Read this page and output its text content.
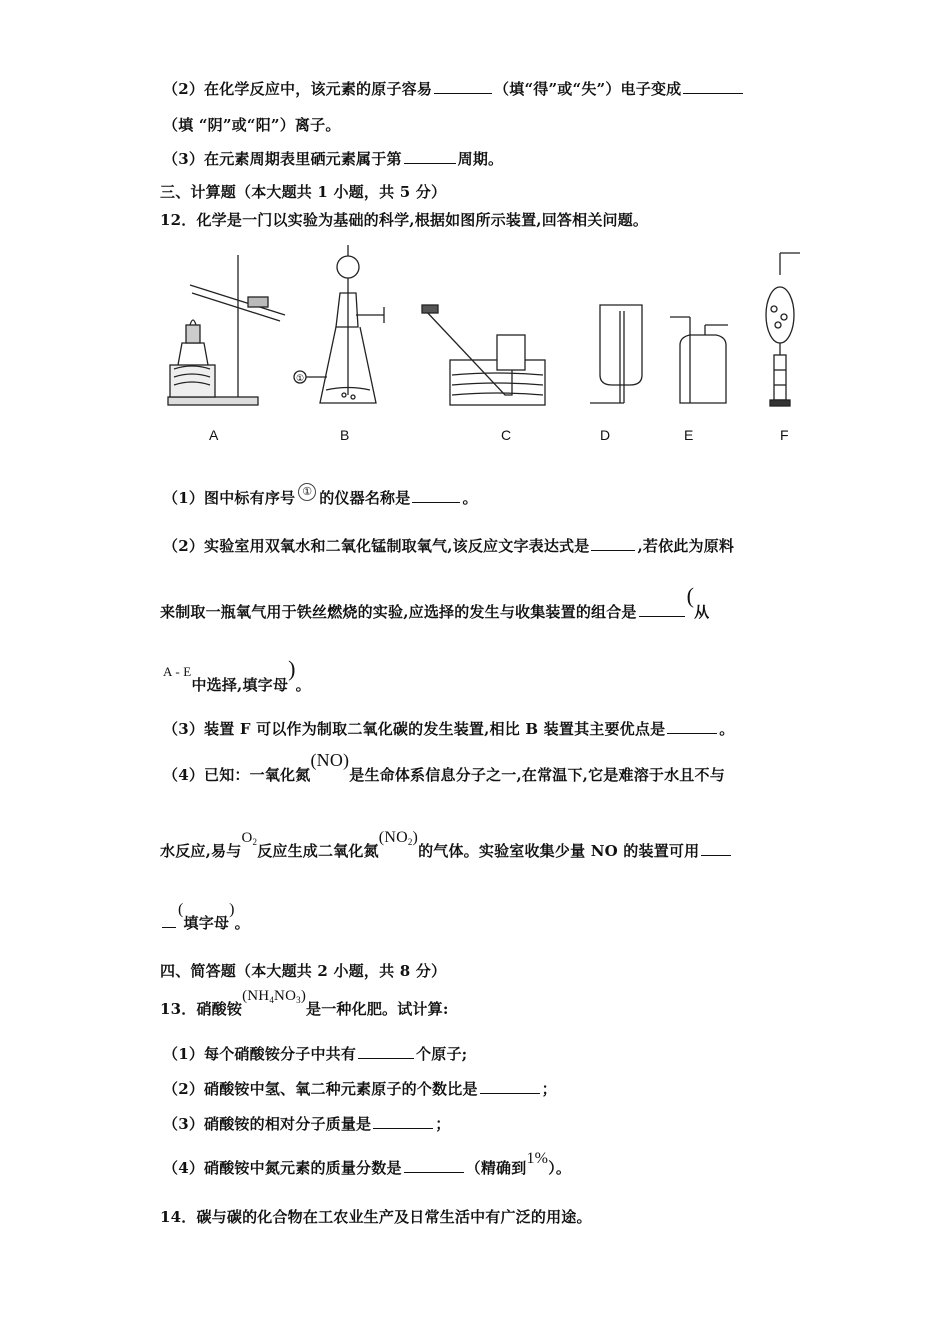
（2）在化学反应中，该元素的原子容易	（填“得”或“失”）电子变成
（填 “阴”或“阳”）离子。
（3）在元素周期表里硒元素属于第	周期。
三、计算题（本大题共 1 小题，共 5 分）
12．化学是一门以实验为基础的科学,根据如图所示装置,回答相关问题。
①
A	B	C	D	E	F
（1）图中标有序号 ① 的仪器名称是	。
（2）实验室用双氧水和二氧化锰制取氧气,该反应文字表达式是	,若依此为原料
来制取一瓶氧气用于铁丝燃烧的实验,应选择的发生与收集装置的组合是(从
A - E中选择,填字母)。
（3）装置 F 可以作为制取二氧化碳的发生装置,相比 B 装置其主要优点是	。
（4）已知：一氧化氮(NO)是生命体系信息分子之一,在常温下,它是难溶于水且不与
水反应,易与$O_2$反应生成二氧化氮$(NO_2)$的气体。实验室收集少量 NO 的装置可用
(填字母)。
四、简答题（本大题共 2 小题，共 8 分）
13．硝酸铵$(NH_4NO_3)$是一种化肥。试计算:
（1）每个硝酸铵分子中共有	个原子;
（2）硝酸铵中氢、氧二种元素原子的个数比是	；
（3）硝酸铵的相对分子质量是	；
（4）硝酸铵中氮元素的质量分数是	（精确到1%）。
14．碳与碳的化合物在工农业生产及日常生活中有广泛的用途。
